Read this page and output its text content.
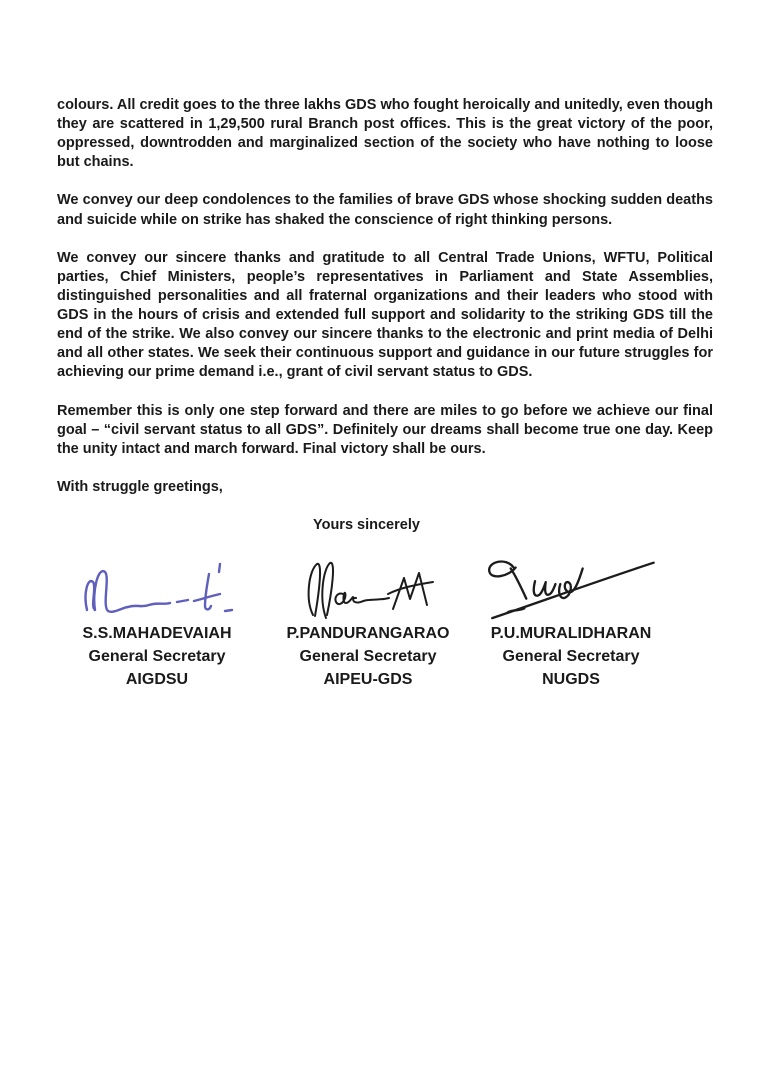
colours. All credit goes to the three lakhs GDS who fought heroically and unitedly, even though they are scattered in 1,29,500 rural Branch post offices. This is the great victory of the poor, oppressed, downtrodden and marginalized section of the society who have nothing to loose but chains.

We convey our deep condolences to the families of brave GDS whose shocking sudden deaths and suicide while on strike has shaked the conscience of right thinking persons.

We convey our sincere thanks and gratitude to all Central Trade Unions, WFTU, Political parties, Chief Ministers, people’s representatives in Parliament and State Assemblies, distinguished personalities and all fraternal organizations and their leaders who stood with GDS in the hours of crisis and extended full support and solidarity to the striking GDS till the end of the strike. We also convey our sincere thanks to the electronic and print media of Delhi and all other states. We seek their continuous support and guidance in our future struggles for achieving our prime demand i.e., grant of civil servant status to GDS.

Remember this is only one step forward and there are miles to go before we achieve our final goal – “civil servant status to all GDS”. Definitely our dreams shall become true one day. Keep the unity intact and march forward. Final victory shall be ours.

With struggle greetings,

Yours sincerely
S.S.MAHADEVAIAH
General Secretary
AIGDSU
P.PANDURANGARAO
General Secretary
AIPEU-GDS
P.U.MURALIDHARAN
General Secretary
NUGDS
